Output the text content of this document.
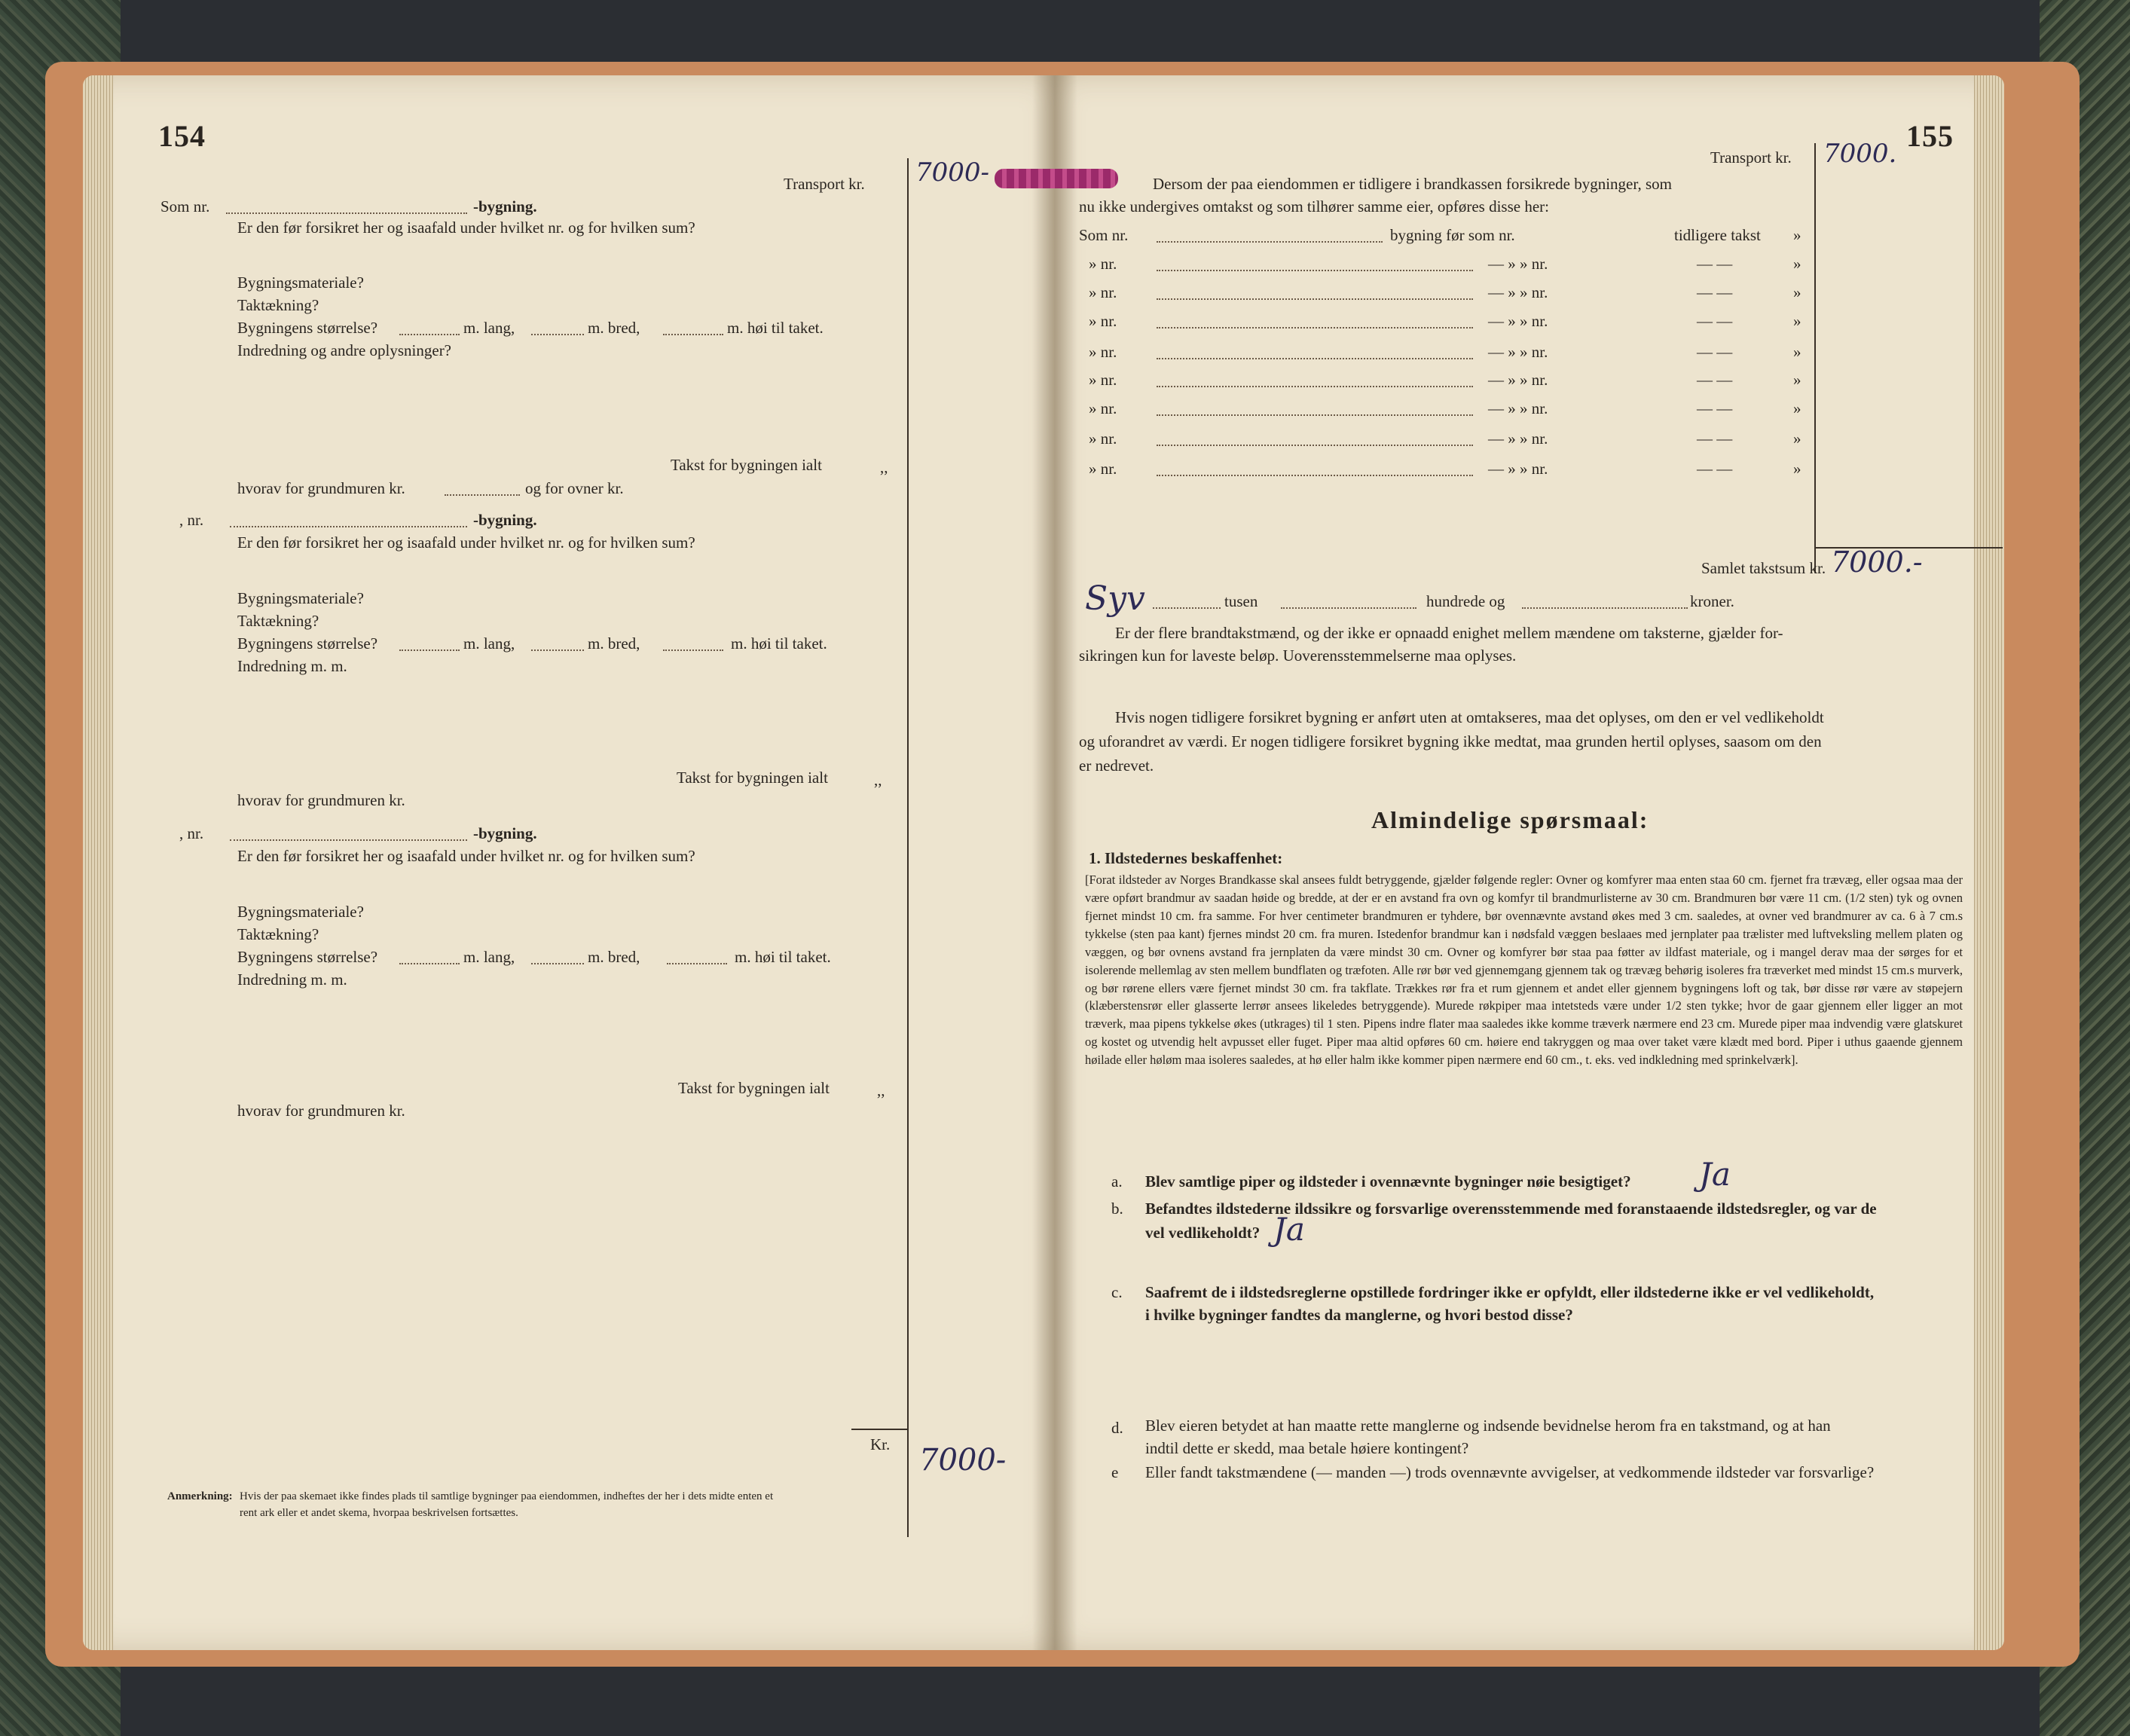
154
Transport kr. 7000-
Som nr.	-bygning.
Er den før forsikret her og isaafald under hvilket nr. og for hvilken sum?
Bygningsmateriale?
Taktækning?
Bygningens størrelse?	m. lang,	m. bred,	m. høi til taket.
Indredning og andre oplysninger?
Takst for bygningen ialt	,,
hvorav for grundmuren kr.	og for ovner kr.
, nr.	-bygning.
Er den før forsikret her og isaafald under hvilket nr. og for hvilken sum?
Bygningsmateriale?
Taktækning?
Bygningens størrelse?	m. lang,	m. bred,	m. høi til taket.
Indredning m. m.
Takst for bygningen ialt	,,
hvorav for grundmuren kr.
, nr.	-bygning.
Er den før forsikret her og isaafald under hvilket nr. og for hvilken sum?
Bygningsmateriale?
Taktækning?
Bygningens størrelse?	m. lang,	m. bred,	m. høi til taket.
Indredning m. m.
Takst for bygningen ialt	,,
hvorav for grundmuren kr.
Kr. 7000-
Anmerkning: Hvis der paa skemaet ikke findes plads til samtlige bygninger paa eiendommen, indheftes der her i dets midte enten et
rent ark eller et andet skema, hvorpaa beskrivelsen fortsættes.
155
Transport kr. 7000.
Dersom der paa eiendommen er tidligere i brandkassen forsikrede bygninger, som
nu ikke undergives omtakst og som tilhører samme eier, opføres disse her:
Som nr.	bygning før som nr.	tidligere takst »
» nr.	— » » nr.	— —	»
» nr.	— » » nr.	— —	»
» nr.	— » » nr.	— —	»
» nr.	— » » nr.	— —	»
» nr.	— » » nr.	— —	»
» nr.	— » » nr.	— —	»
» nr.	— » » nr.	— —	»
» nr.	— » » nr.	— —	»
Samlet takstsum kr. 7000.-
Syv	tusen	hundrede og	kroner.
Er der flere brandtakstmænd, og der ikke er opnaadd enighet mellem mændene om taksterne, gjælder for-
sikringen kun for laveste beløp. Uoverensstemmelserne maa oplyses.
Hvis nogen tidligere forsikret bygning er anført uten at omtakseres, maa det oplyses, om den er vel vedlikeholdt
og uforandret av værdi. Er nogen tidligere forsikret bygning ikke medtat, maa grunden hertil oplyses, saasom om den
er nedrevet.
Almindelige spørsmaal:
1. Ildstedernes beskaffenhet:
[Forat ildsteder av Norges Brandkasse skal ansees fuldt betryggende, gjælder følgende regler: Ovner og komfyrer maa enten staa 60 cm. fjernet fra trævæg, eller ogsaa maa der være opført brandmur av saadan høide og bredde, at der er en avstand fra ovn og komfyr til brandmurlisterne av 30 cm. Brandmuren bør være 11 cm. (1/2 sten) tyk og ovnen fjernet mindst 10 cm. fra samme. For hver centimeter brandmuren er tyhdere, bør ovennævnte avstand økes med 3 cm. saaledes, at ovner ved brandmurer av ca. 6 à 7 cm.s tykkelse (sten paa kant) fjernes mindst 20 cm. fra muren. Istedenfor brandmur kan i nødsfald væggen beslaaes med jernplater paa trælister med luftveksling mellem platen og væggen, og bør ovnens avstand fra jernplaten da være mindst 30 cm. Ovner og komfyrer bør staa paa føtter av ildfast materiale, og i mangel derav maa der sørges for et isolerende mellemlag av sten mellem bundflaten og træfoten. Alle rør bør ved gjennemgang gjennem tak og trævæg behørig isoleres fra træverket med mindst 15 cm.s murverk, og bør rørene ellers være fjernet mindst 30 cm. fra takflate. Trækkes rør fra et rum gjennem et andet eller gjennem bygningens loft og tak, bør disse rør være av støpejern (klæberstensrør eller glasserte lerrør ansees likeledes betryggende). Murede røkpiper maa intetsteds være under 1/2 sten tykke; hvor de gaar gjennem eller ligger an mot træverk, maa pipens tykkelse økes (utkrages) til 1 sten. Pipens indre flater maa saaledes ikke komme træverk nærmere end 23 cm. Murede piper maa indvendig være glatskuret og kostet og utvendig helt avpusset eller fuget. Piper maa altid opføres 60 cm. høiere end takryggen og maa over taket være klædt med bord. Piper i uthus gaaende gjennem høilade eller høløm maa isoleres saaledes, at hø eller halm ikke kommer pipen nærmere end 60 cm., t. eks. ved indkledning med sprinkelværk].
a. Blev samtlige piper og ildsteder i ovennævnte bygninger nøie besigtiget? Ja
b. Befandtes ildstederne ildssikre og forsvarlige overensstemmende med foranstaaende ildstedsregler, og var de
vel vedlikeholdt? Ja
c. Saafremt de i ildstedsreglerne opstillede fordringer ikke er opfyldt, eller ildstederne ikke er vel vedlikeholdt,
i hvilke bygninger fandtes da manglerne, og hvori bestod disse?
d. Blev eieren betydet at han maatte rette manglerne og indsende bevidnelse herom fra en takstmand, og at han
indtil dette er skedd, maa betale høiere kontingent?
e Eller fandt takstmændene (— manden —) trods ovennævnte avvigelser, at vedkommende ildsteder var forsvarlige?
